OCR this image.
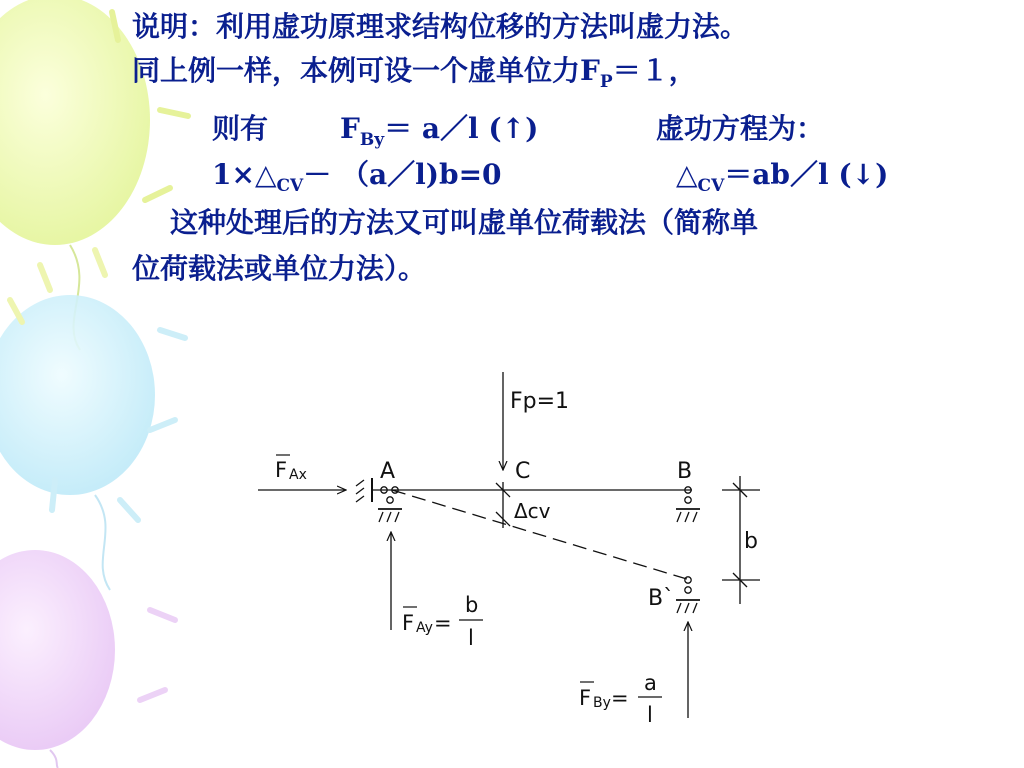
说明：利用虚功原理求结构位移的方法叫虚力法。
同上例一样，本例可设一个虚单位力$F_P=1$，
则有	$F_{By}=$ a／l (↑)	虚功方程为：
$1\times\triangle_{CV}-$ （a／l)b=0	$\triangle_{CV}=ab/l$ (↓)
这种处理后的方法又可叫虚单位荷载法（简称单
位荷载法或单位力法）。
Fp=1
A	C	B
Δcv
B`
b
F Ax
F Ay =
b
l
F By =
a
l
